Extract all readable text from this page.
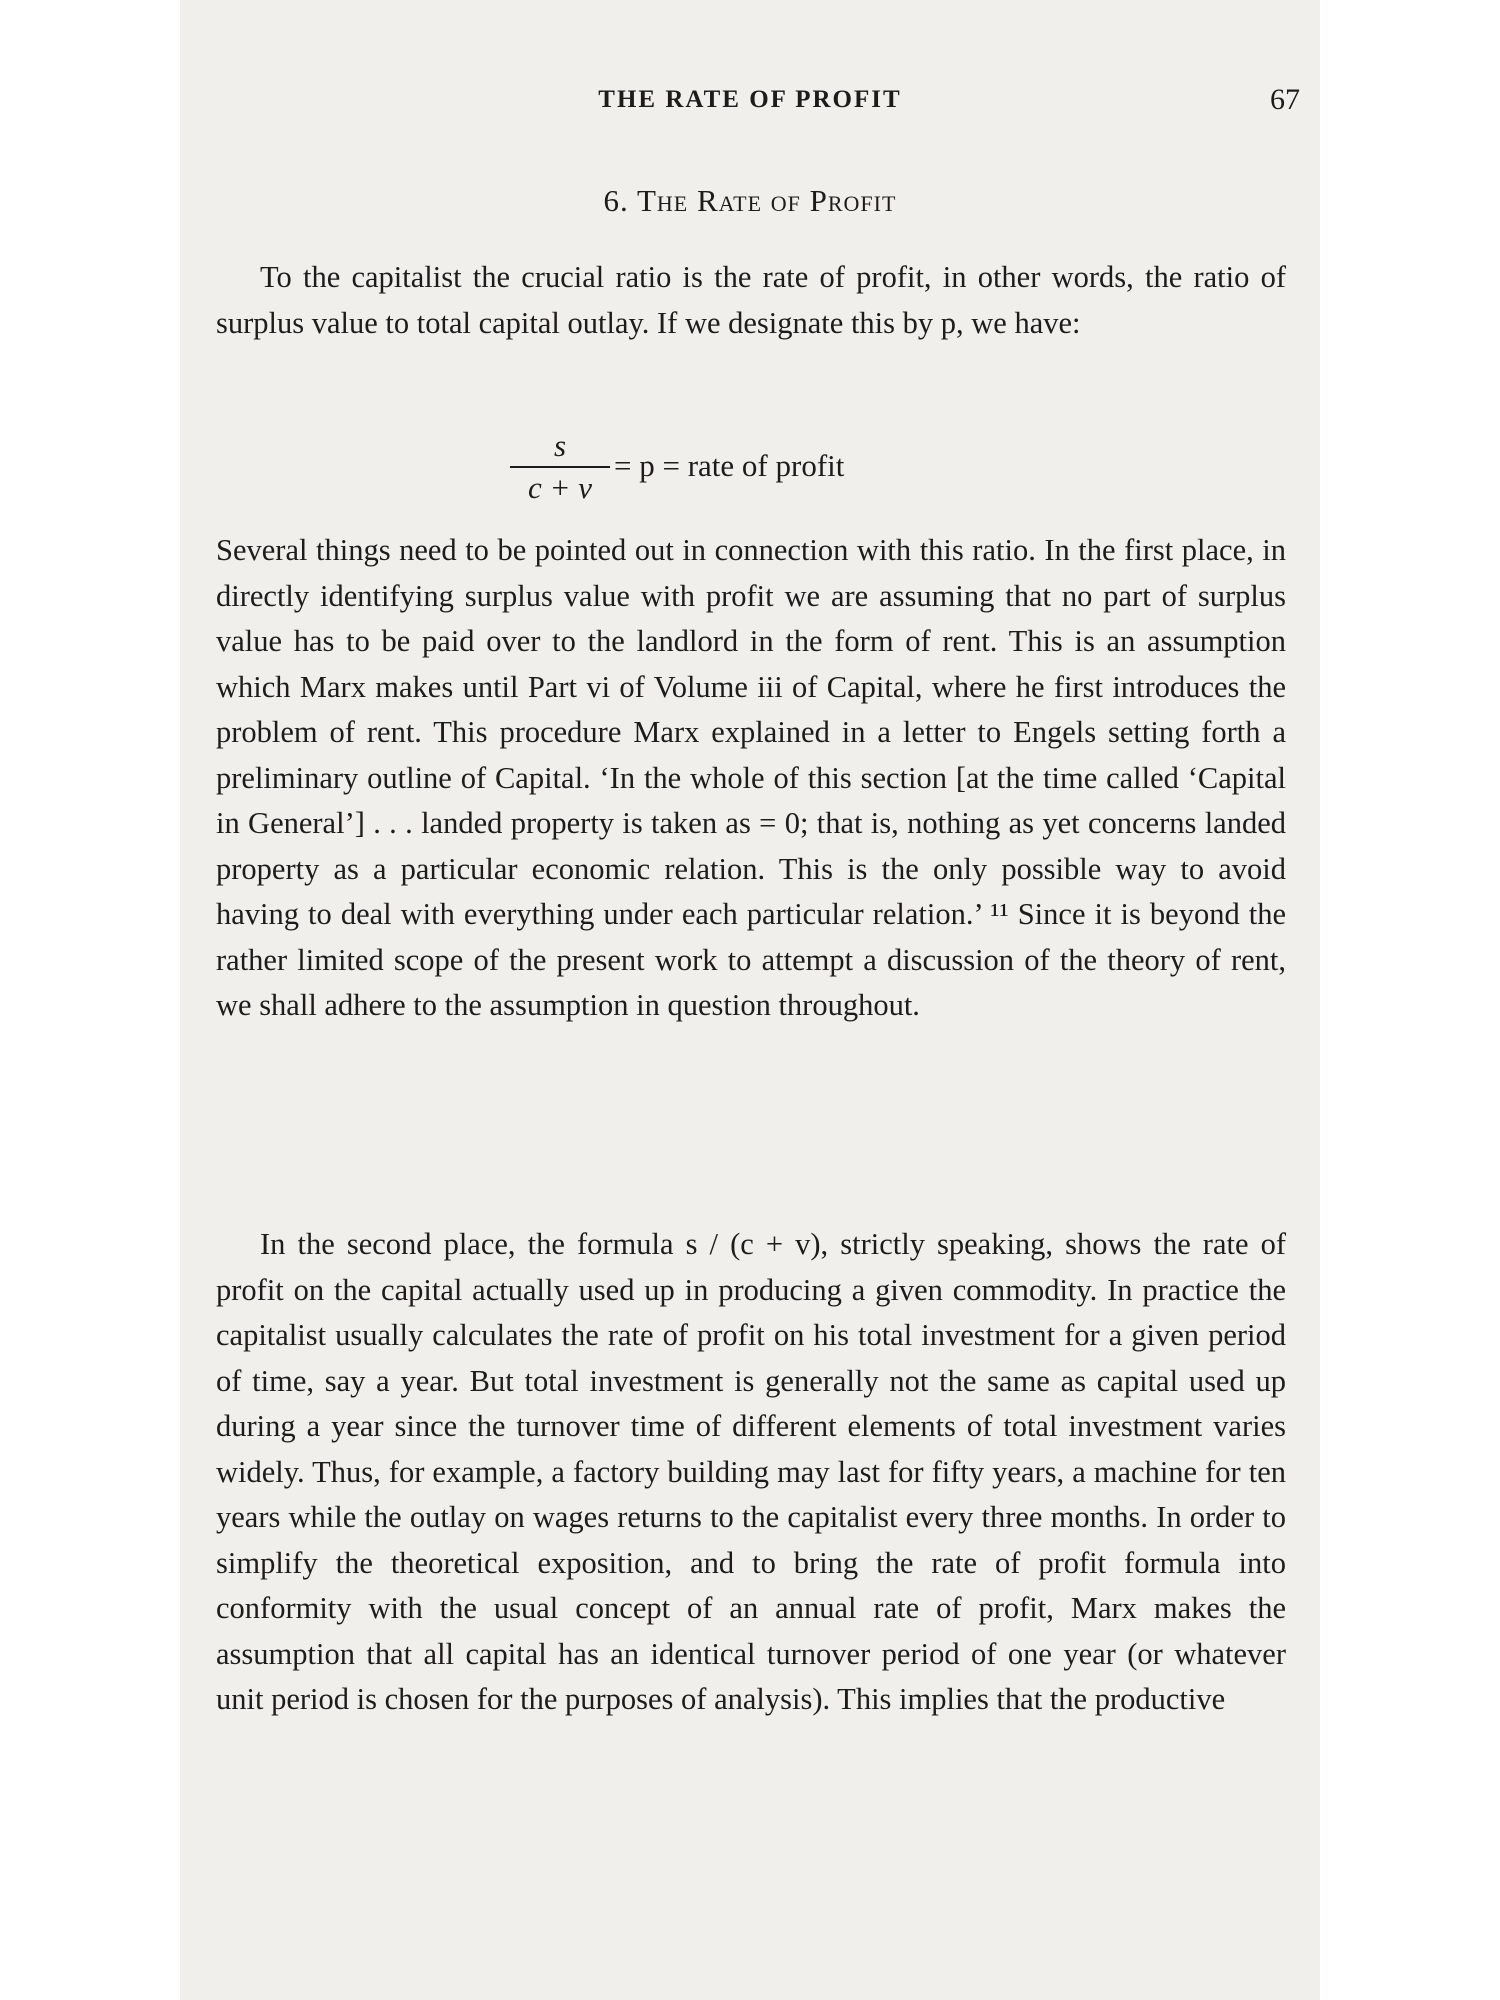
THE RATE OF PROFIT	67
6. The Rate of Profit

To the capitalist the crucial ratio is the rate of profit, in other words, the ratio of surplus value to total capital outlay. If we designate this by p, we have:

s
c + v
= p = rate of profit

Several things need to be pointed out in connection with this ratio. In the first place, in directly identifying surplus value with profit we are assuming that no part of surplus value has to be paid over to the landlord in the form of rent. This is an assumption which Marx makes until Part vi of Volume iii of Capital, where he first introduces the problem of rent. This procedure Marx explained in a letter to Engels setting forth a preliminary outline of Capital. ‘In the whole of this section [at the time called ‘Capital in General’] . . . landed property is taken as = 0; that is, nothing as yet concerns landed property as a particular economic relation. This is the only possible way to avoid having to deal with everything under each particular relation.’ ¹¹ Since it is beyond the rather limited scope of the present work to attempt a discussion of the theory of rent, we shall adhere to the assumption in question throughout.

In the second place, the formula s / (c + v), strictly speaking, shows the rate of profit on the capital actually used up in producing a given commodity. In practice the capitalist usually calculates the rate of profit on his total investment for a given period of time, say a year. But total investment is generally not the same as capital used up during a year since the turnover time of different elements of total investment varies widely. Thus, for example, a factory building may last for fifty years, a machine for ten years while the outlay on wages returns to the capitalist every three months. In order to simplify the theoretical exposition, and to bring the rate of profit formula into conformity with the usual concept of an annual rate of profit, Marx makes the assumption that all capital has an identical turnover period of one year (or whatever unit period is chosen for the purposes of analysis). This implies that the productive
